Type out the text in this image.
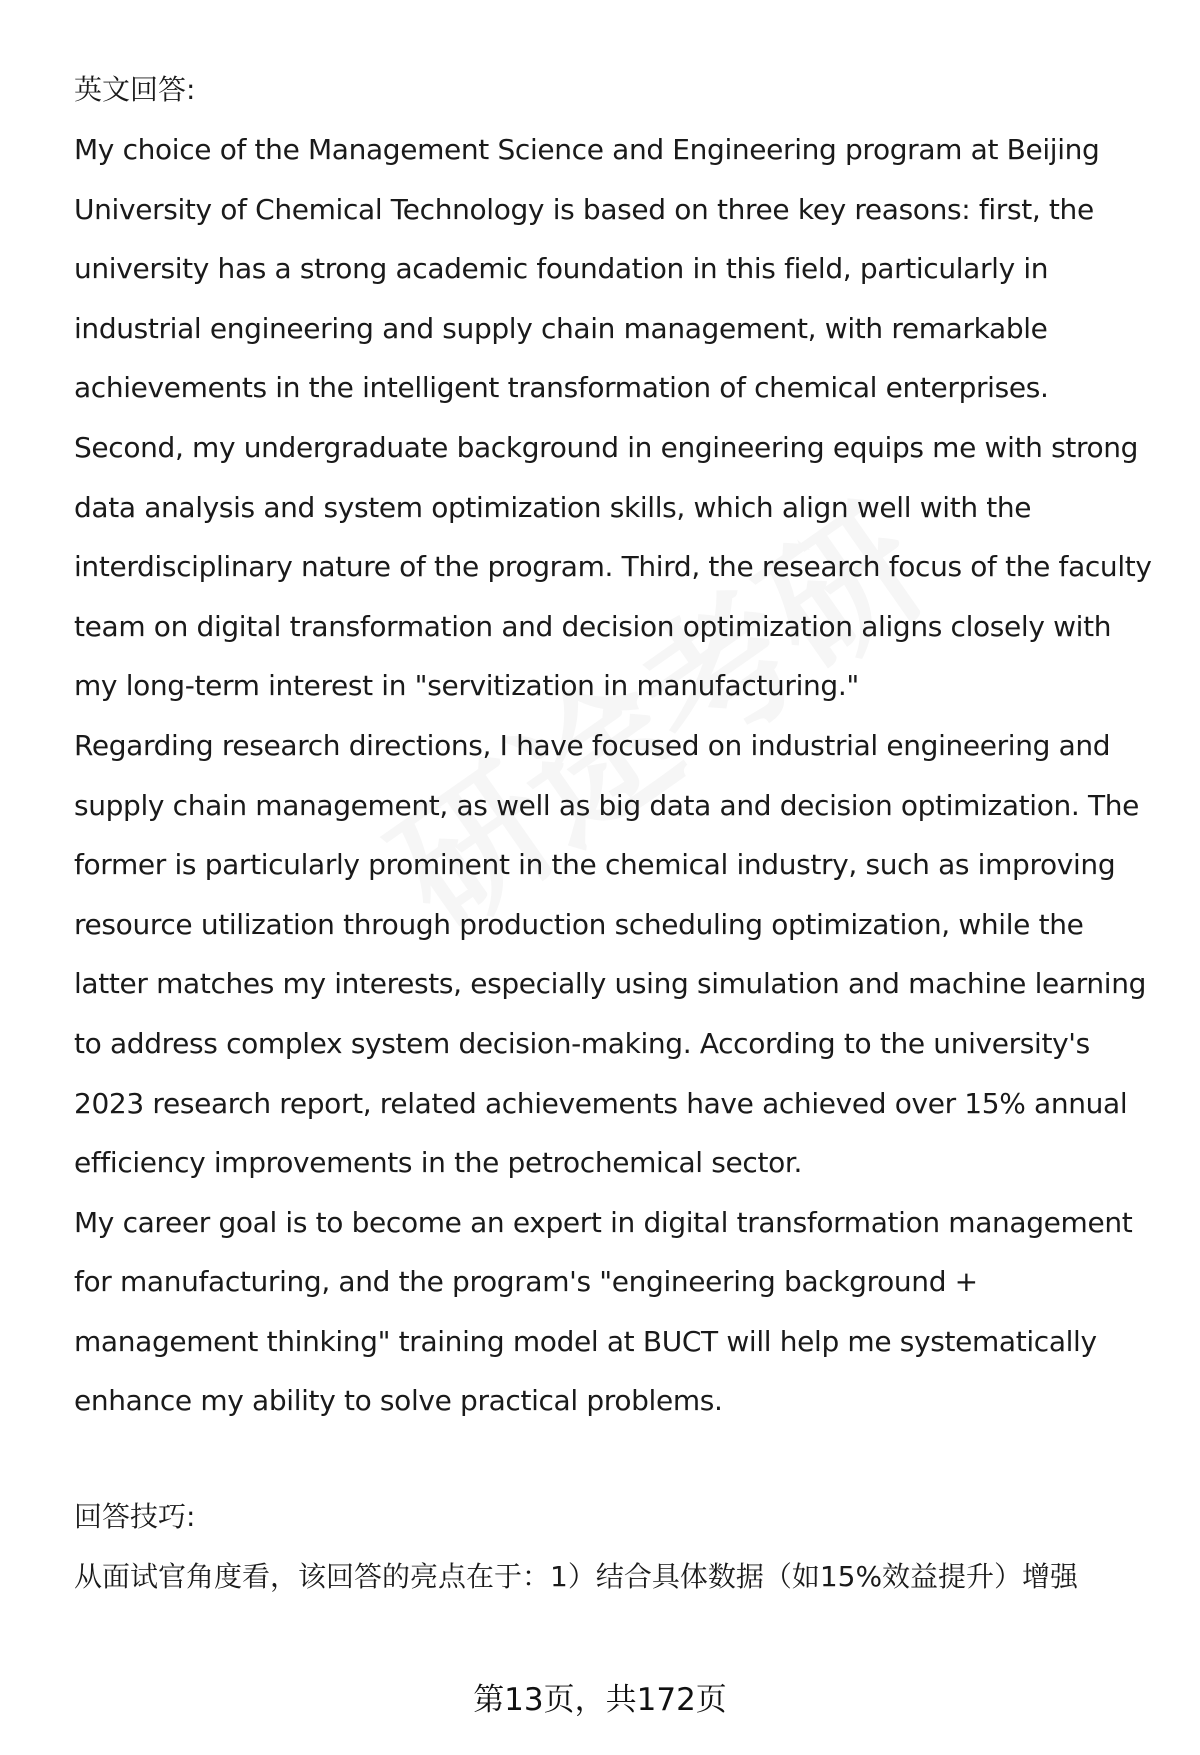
英文回答:

My choice of the Management Science and Engineering program at Beijing University of Chemical Technology is based on three key reasons: first, the university has a strong academic foundation in this field, particularly in industrial engineering and supply chain management, with remarkable achievements in the intelligent transformation of chemical enterprises. Second, my undergraduate background in engineering equips me with strong data analysis and system optimization skills, which align well with the interdisciplinary nature of the program. Third, the research focus of the faculty team on digital transformation and decision optimization aligns closely with my long-term interest in "servitization in manufacturing."

Regarding research directions, I have focused on industrial engineering and supply chain management, as well as big data and decision optimization. The former is particularly prominent in the chemical industry, such as improving resource utilization through production scheduling optimization, while the latter matches my interests, especially using simulation and machine learning to address complex system decision-making. According to the university's 2023 research report, related achievements have achieved over 15% annual efficiency improvements in the petrochemical sector.

My career goal is to become an expert in digital transformation management for manufacturing, and the program's "engineering background + management thinking" training model at BUCT will help me systematically enhance my ability to solve practical problems.

回答技巧:
从面试官角度看，该回答的亮点在于：1）结合具体数据（如15%效益提升）增强
第13页，共172页
